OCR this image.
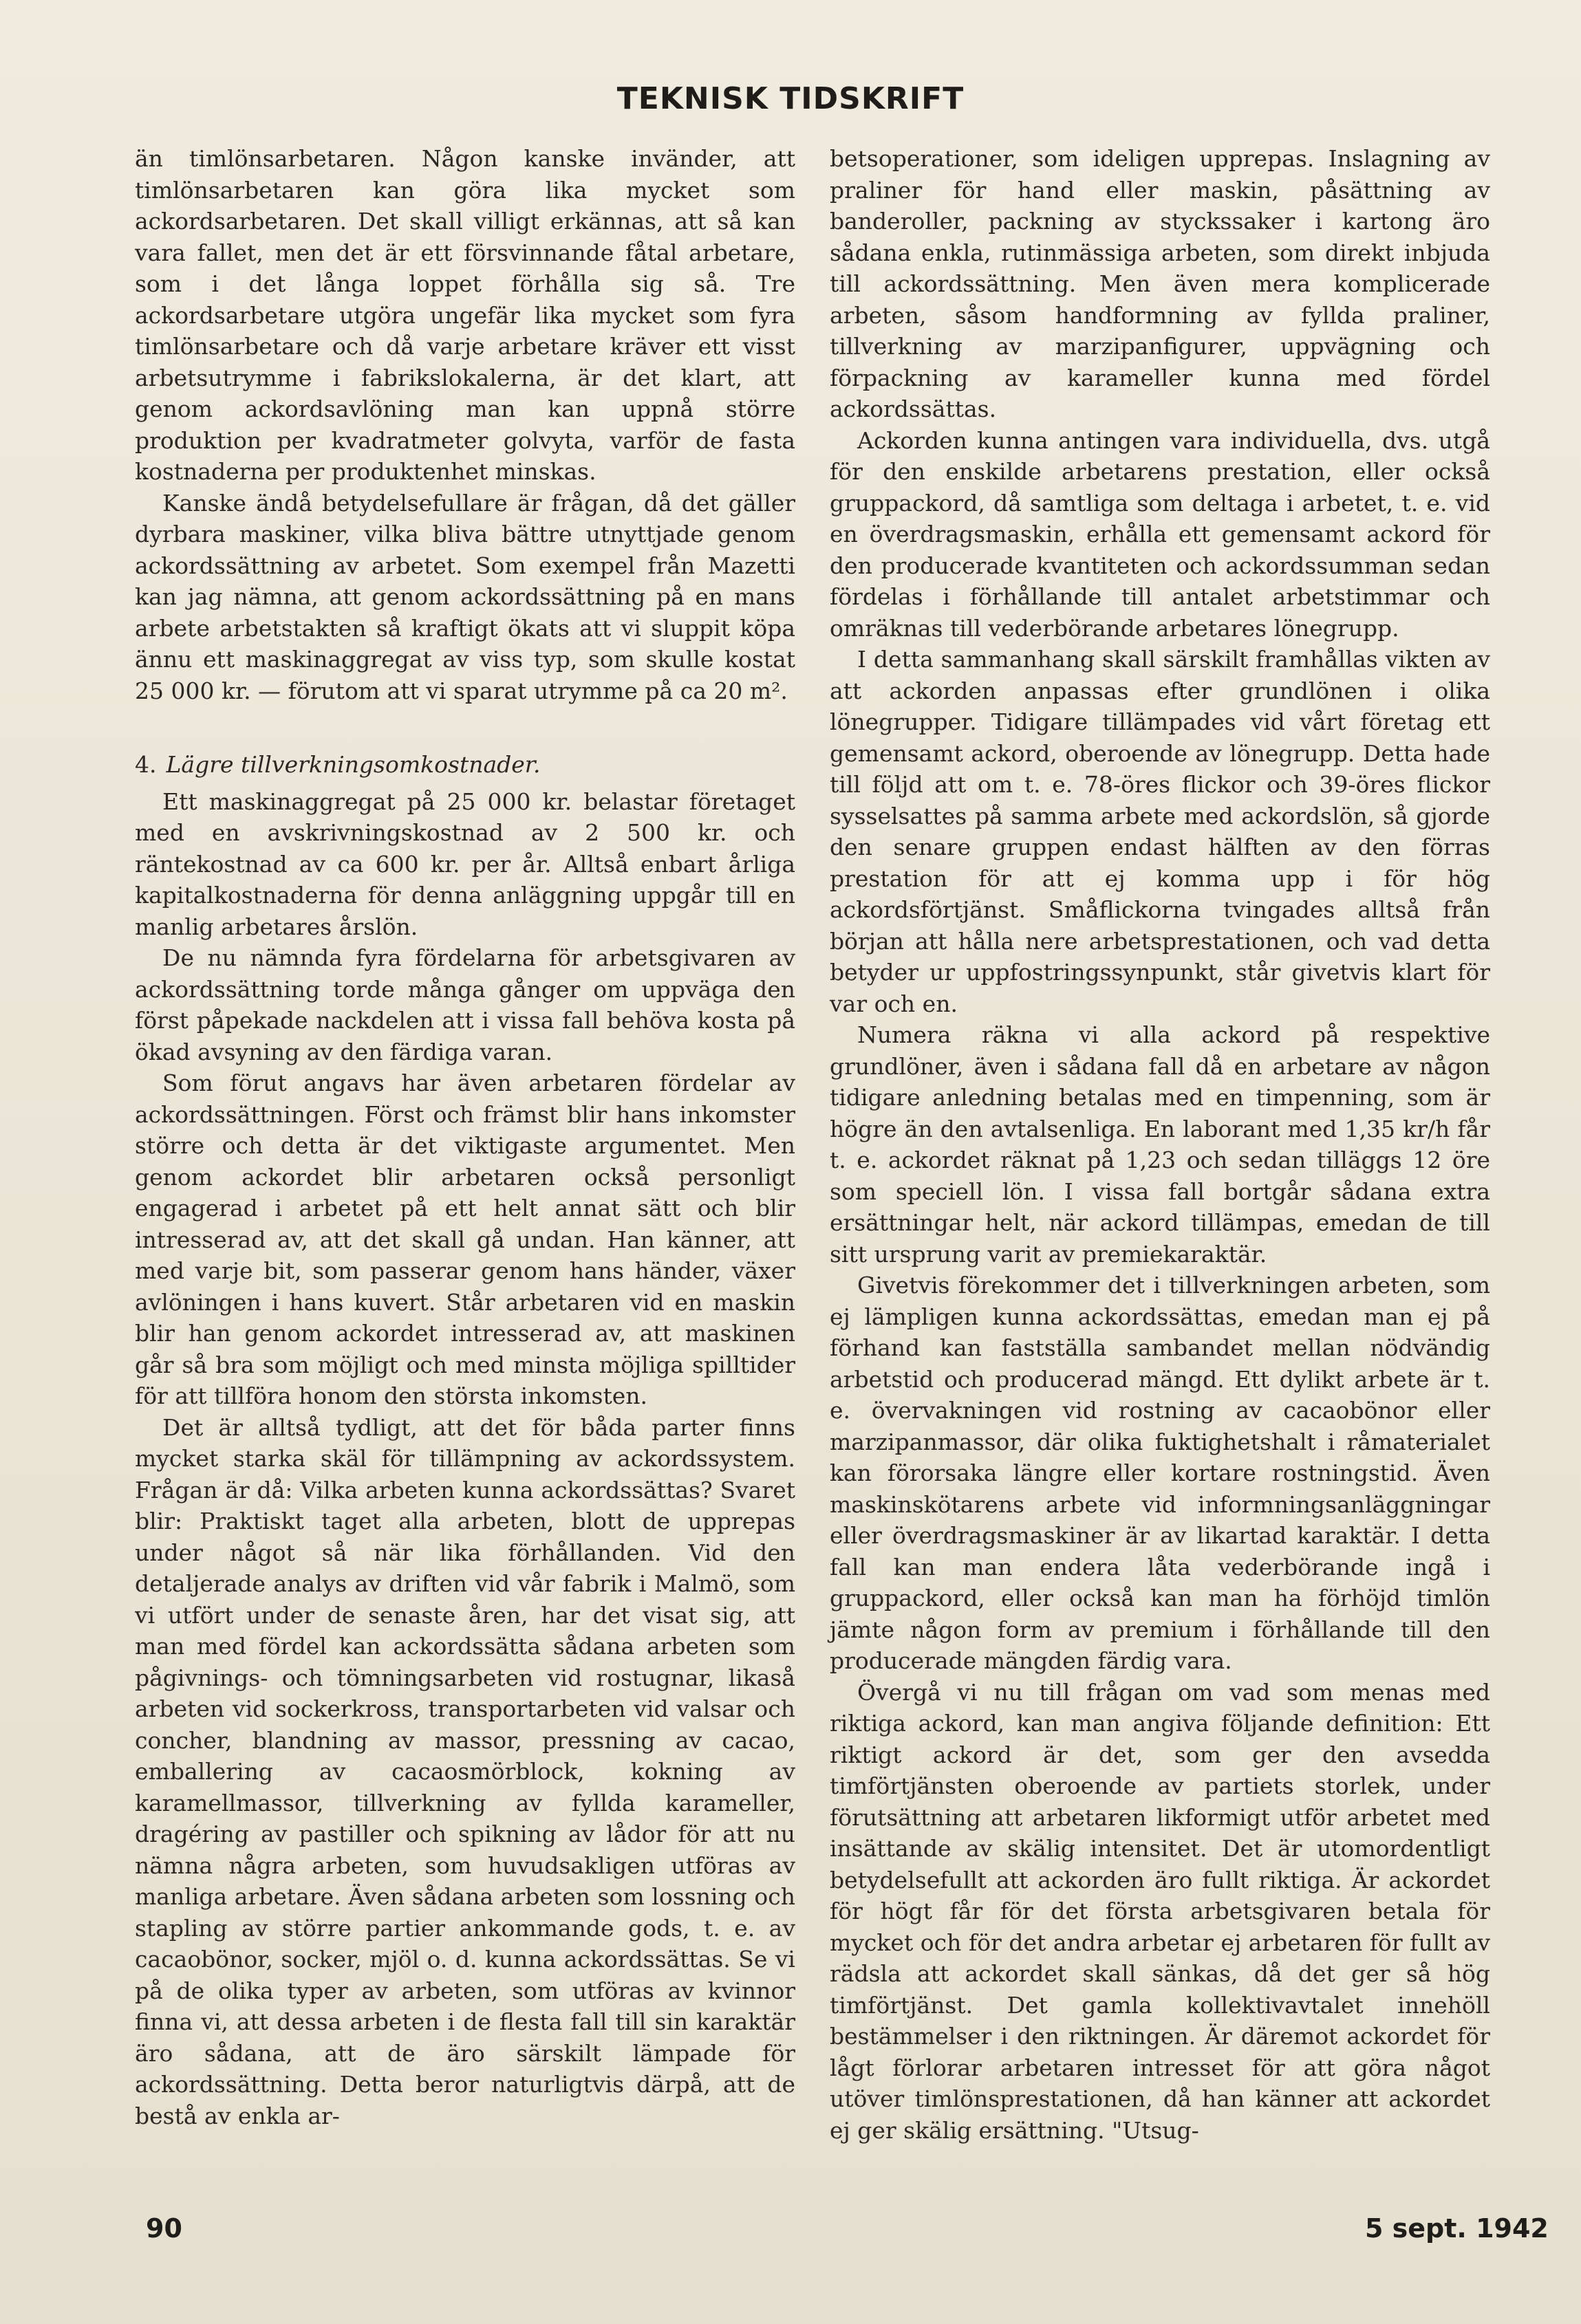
TEKNISK TIDSKRIFT

än timlönsarbetaren. Någon kanske invänder, att timlönsarbetaren kan göra lika mycket som ackordsarbetaren. Det skall villigt erkännas, att så kan vara fallet, men det är ett försvinnande fåtal arbetare, som i det långa loppet förhålla sig så. Tre ackordsarbetare utgöra ungefär lika mycket som fyra timlönsarbetare och då varje arbetare kräver ett visst arbetsutrymme i fabrikslokalerna, är det klart, att genom ackordsavlöning man kan uppnå större produktion per kvadratmeter golvyta, varför de fasta kostnaderna per produktenhet minskas.

Kanske ändå betydelsefullare är frågan, då det gäller dyrbara maskiner, vilka bliva bättre utnyttjade genom ackordssättning av arbetet. Som exempel från Mazetti kan jag nämna, att genom ackordssättning på en mans arbete arbetstakten så kraftigt ökats att vi sluppit köpa ännu ett maskinaggregat av viss typ, som skulle kostat 25 000 kr. — förutom att vi sparat utrymme på ca 20 m².

4. Lägre tillverkningsomkostnader.

Ett maskinaggregat på 25 000 kr. belastar företaget med en avskrivningskostnad av 2 500 kr. och räntekostnad av ca 600 kr. per år. Alltså enbart årliga kapitalkostnaderna för denna anläggning uppgår till en manlig arbetares årslön.

De nu nämnda fyra fördelarna för arbetsgivaren av ackordssättning torde många gånger om uppväga den först påpekade nackdelen att i vissa fall behöva kosta på ökad avsyning av den färdiga varan.

Som förut angavs har även arbetaren fördelar av ackordssättningen. Först och främst blir hans inkomster större och detta är det viktigaste argumentet. Men genom ackordet blir arbetaren också personligt engagerad i arbetet på ett helt annat sätt och blir intresserad av, att det skall gå undan. Han känner, att med varje bit, som passerar genom hans händer, växer avlöningen i hans kuvert. Står arbetaren vid en maskin blir han genom ackordet intresserad av, att maskinen går så bra som möjligt och med minsta möjliga spilltider för att tillföra honom den största inkomsten.

Det är alltså tydligt, att det för båda parter finns mycket starka skäl för tillämpning av ackordssystem. Frågan är då: Vilka arbeten kunna ackordssättas? Svaret blir: Praktiskt taget alla arbeten, blott de upprepas under något så när lika förhållanden. Vid den detaljerade analys av driften vid vår fabrik i Malmö, som vi utfört under de senaste åren, har det visat sig, att man med fördel kan ackordssätta sådana arbeten som pågivnings- och tömningsarbeten vid rostugnar, likaså arbeten vid sockerkross, transportarbeten vid valsar och concher, blandning av massor, pressning av cacao, emballering av cacaosmörblock, kokning av karamellmassor, tillverkning av fyllda karameller, dragéring av pastiller och spikning av lådor för att nu nämna några arbeten, som huvudsakligen utföras av manliga arbetare. Även sådana arbeten som lossning och stapling av större partier ankommande gods, t. e. av cacaobönor, socker, mjöl o. d. kunna ackordssättas. Se vi på de olika typer av arbeten, som utföras av kvinnor finna vi, att dessa arbeten i de flesta fall till sin karaktär äro sådana, att de äro särskilt lämpade för ackordssättning. Detta beror naturligtvis därpå, att de bestå av enkla ar-

betsoperationer, som ideligen upprepas. Inslagning av praliner för hand eller maskin, påsättning av banderoller, packning av styckssaker i kartong äro sådana enkla, rutinmässiga arbeten, som direkt inbjuda till ackordssättning. Men även mera komplicerade arbeten, såsom handformning av fyllda praliner, tillverkning av marzipanfigurer, uppvägning och förpackning av karameller kunna med fördel ackordssättas.

Ackorden kunna antingen vara individuella, dvs. utgå för den enskilde arbetarens prestation, eller också gruppackord, då samtliga som deltaga i arbetet, t. e. vid en överdragsmaskin, erhålla ett gemensamt ackord för den producerade kvantiteten och ackordssumman sedan fördelas i förhållande till antalet arbetstimmar och omräknas till vederbörande arbetares lönegrupp.

I detta sammanhang skall särskilt framhållas vikten av att ackorden anpassas efter grundlönen i olika lönegrupper. Tidigare tillämpades vid vårt företag ett gemensamt ackord, oberoende av lönegrupp. Detta hade till följd att om t. e. 78-öres flickor och 39-öres flickor sysselsattes på samma arbete med ackordslön, så gjorde den senare gruppen endast hälften av den förras prestation för att ej komma upp i för hög ackordsförtjänst. Småflickorna tvingades alltså från början att hålla nere arbetsprestationen, och vad detta betyder ur uppfostringssynpunkt, står givetvis klart för var och en.

Numera räkna vi alla ackord på respektive grundlöner, även i sådana fall då en arbetare av någon tidigare anledning betalas med en timpenning, som är högre än den avtalsenliga. En laborant med 1,35 kr/h får t. e. ackordet räknat på 1,23 och sedan tilläggs 12 öre som speciell lön. I vissa fall bortgår sådana extra ersättningar helt, när ackord tillämpas, emedan de till sitt ursprung varit av premiekaraktär.

Givetvis förekommer det i tillverkningen arbeten, som ej lämpligen kunna ackordssättas, emedan man ej på förhand kan fastställa sambandet mellan nödvändig arbetstid och producerad mängd. Ett dylikt arbete är t. e. övervakningen vid rostning av cacaobönor eller marzipanmassor, där olika fuktighetshalt i råmaterialet kan förorsaka längre eller kortare rostningstid. Även maskinskötarens arbete vid informningsanläggningar eller överdragsmaskiner är av likartad karaktär. I detta fall kan man endera låta vederbörande ingå i gruppackord, eller också kan man ha förhöjd timlön jämte någon form av premium i förhållande till den producerade mängden färdig vara.

Övergå vi nu till frågan om vad som menas med riktiga ackord, kan man angiva följande definition: Ett riktigt ackord är det, som ger den avsedda timförtjänsten oberoende av partiets storlek, under förutsättning att arbetaren likformigt utför arbetet med insättande av skälig intensitet. Det är utomordentligt betydelsefullt att ackorden äro fullt riktiga. Är ackordet för högt får för det första arbetsgivaren betala för mycket och för det andra arbetar ej arbetaren för fullt av rädsla att ackordet skall sänkas, då det ger så hög timförtjänst. Det gamla kollektivavtalet innehöll bestämmelser i den riktningen. Är däremot ackordet för lågt förlorar arbetaren intresset för att göra något utöver timlönsprestationen, då han känner att ackordet ej ger skälig ersättning. "Utsug-

90	5 sept. 1942
